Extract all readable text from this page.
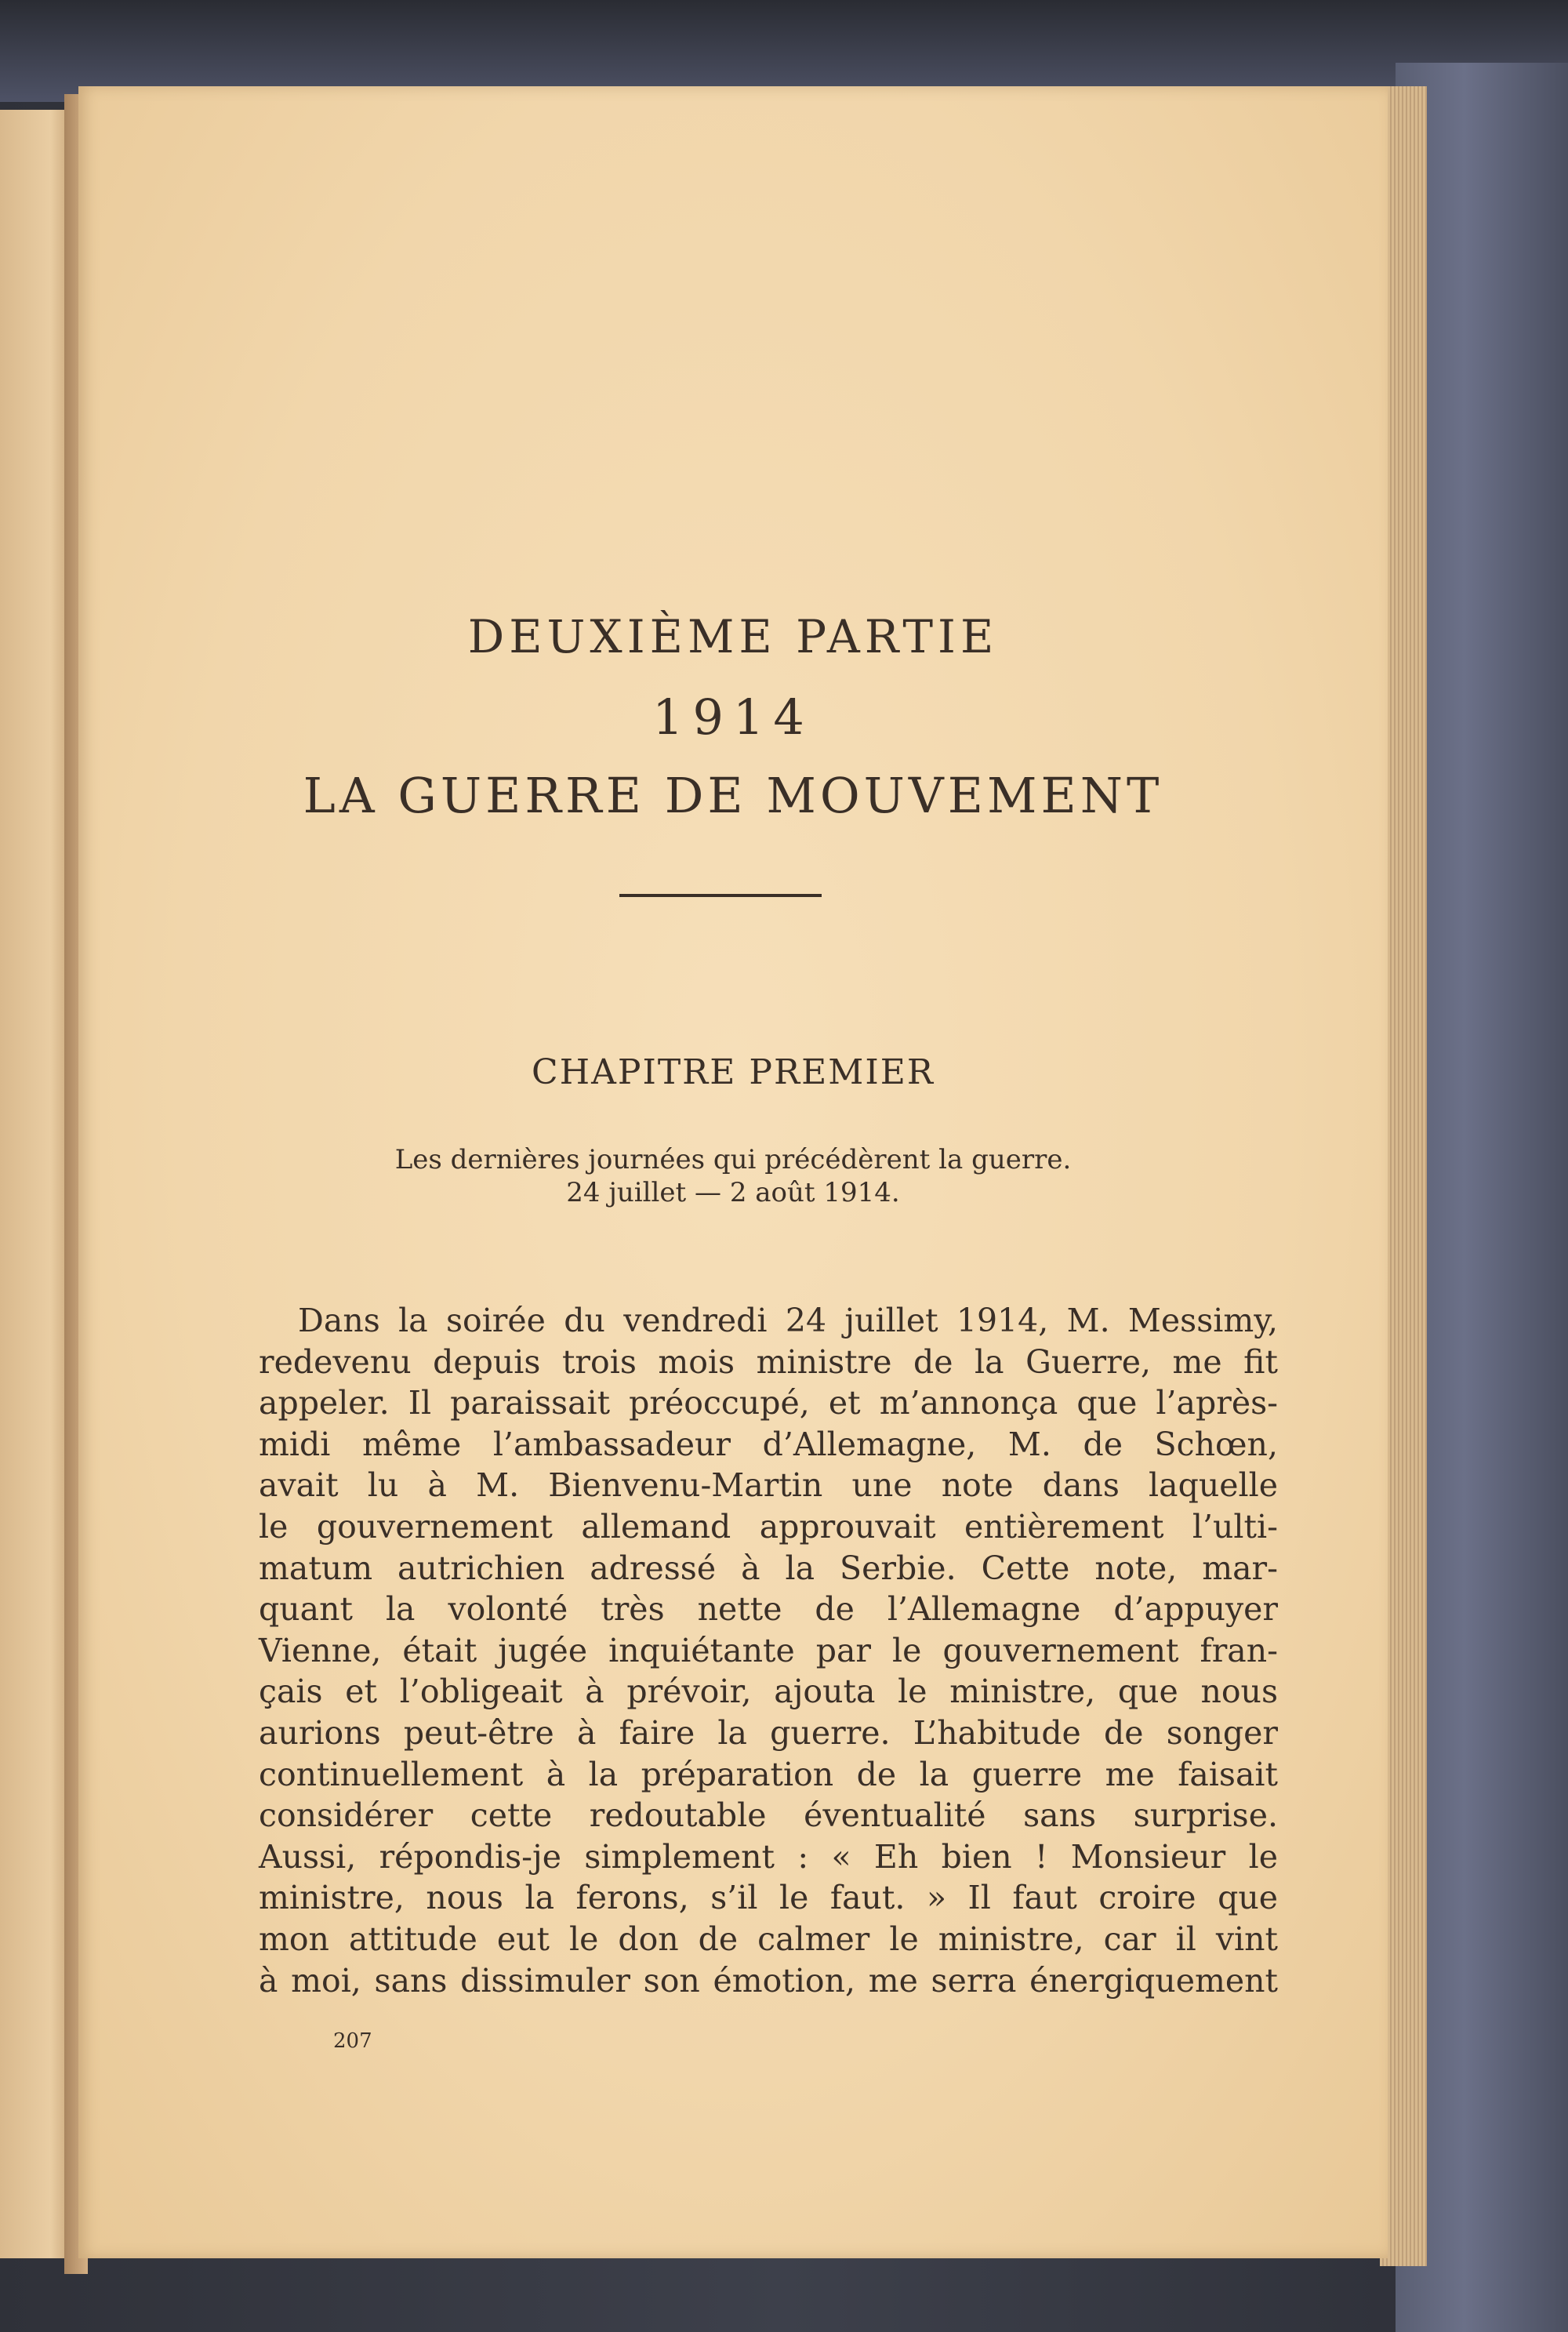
DEUXIÈME PARTIE
1914
LA GUERRE DE MOUVEMENT
CHAPITRE PREMIER
Les dernières journées qui précédèrent la guerre.
24 juillet — 2 août 1914.
Dans la soirée du vendredi 24 juillet 1914, M. Messimy,
redevenu depuis trois mois ministre de la Guerre, me fit
appeler. Il paraissait préoccupé, et m’annonça que l’après-
midi même l’ambassadeur d’Allemagne, M. de Schœn,
avait lu à M. Bienvenu-Martin une note dans laquelle
le gouvernement allemand approuvait entièrement l’ulti-
matum autrichien adressé à la Serbie. Cette note, mar-
quant la volonté très nette de l’Allemagne d’appuyer
Vienne, était jugée inquiétante par le gouvernement fran-
çais et l’obligeait à prévoir, ajouta le ministre, que nous
aurions peut-être à faire la guerre. L’habitude de songer
continuellement à la préparation de la guerre me faisait
considérer cette redoutable éventualité sans surprise.
Aussi, répondis-je simplement : « Eh bien ! Monsieur le
ministre, nous la ferons, s’il le faut. » Il faut croire que
mon attitude eut le don de calmer le ministre, car il vint
à moi, sans dissimuler son émotion, me serra énergiquement
207
